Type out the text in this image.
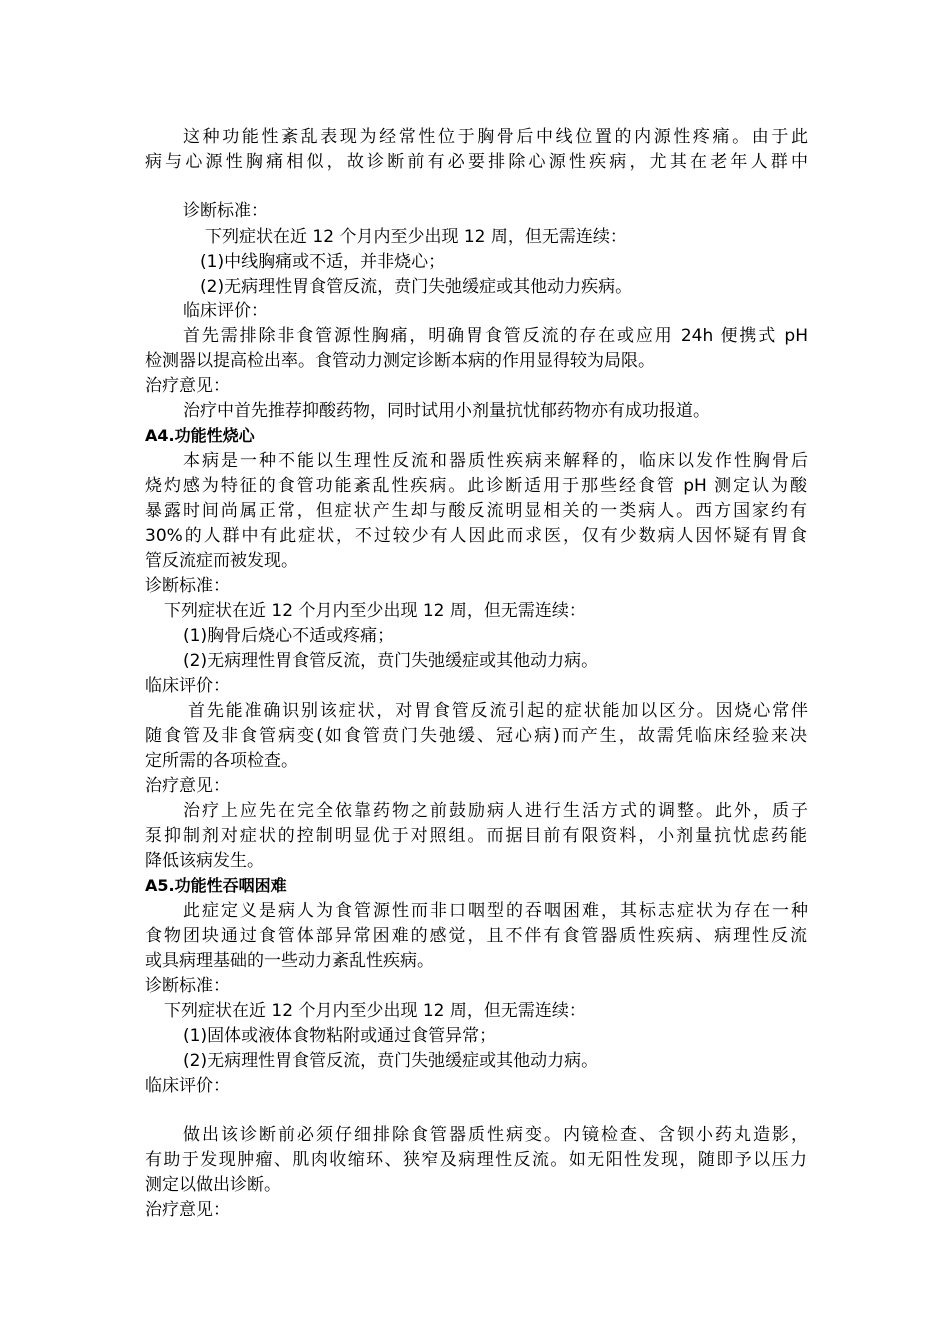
这种功能性紊乱表现为经常性位于胸骨后中线位置的内源性疼痛。由于此
病与心源性胸痛相似，故诊断前有必要排除心源性疾病，尤其在老年人群中
诊断标准：
下列症状在近 12 个月内至少出现 12 周，但无需连续：
(1)中线胸痛或不适，并非烧心；
(2)无病理性胃食管反流，贲门失弛缓症或其他动力疾病。
临床评价：
首先需排除非食管源性胸痛，明确胃食管反流的存在或应用 24h 便携式 pH
检测器以提高检出率。食管动力测定诊断本病的作用显得较为局限。
治疗意见：
治疗中首先推荐抑酸药物，同时试用小剂量抗忧郁药物亦有成功报道。
A4.功能性烧心
本病是一种不能以生理性反流和器质性疾病来解释的，临床以发作性胸骨后
烧灼感为特征的食管功能紊乱性疾病。此诊断适用于那些经食管 pH 测定认为酸
暴露时间尚属正常，但症状产生却与酸反流明显相关的一类病人。西方国家约有
30%的人群中有此症状，不过较少有人因此而求医，仅有少数病人因怀疑有胃食
管反流症而被发现。
诊断标准：
下列症状在近 12 个月内至少出现 12 周，但无需连续：
(1)胸骨后烧心不适或疼痛；
(2)无病理性胃食管反流，贲门失弛缓症或其他动力病。
临床评价：
首先能准确识别该症状，对胃食管反流引起的症状能加以区分。因烧心常伴
随食管及非食管病变(如食管贲门失弛缓、冠心病)而产生，故需凭临床经验来决
定所需的各项检查。
治疗意见：
治疗上应先在完全依靠药物之前鼓励病人进行生活方式的调整。此外，质子
泵抑制剂对症状的控制明显优于对照组。而据目前有限资料，小剂量抗忧虑药能
降低该病发生。
A5.功能性吞咽困难
此症定义是病人为食管源性而非口咽型的吞咽困难，其标志症状为存在一种
食物团块通过食管体部异常困难的感觉，且不伴有食管器质性疾病、病理性反流
或具病理基础的一些动力紊乱性疾病。
诊断标准：
下列症状在近 12 个月内至少出现 12 周，但无需连续：
(1)固体或液体食物粘附或通过食管异常；
(2)无病理性胃食管反流，贲门失弛缓症或其他动力病。
临床评价：
做出该诊断前必须仔细排除食管器质性病变。内镜检查、含钡小药丸造影，
有助于发现肿瘤、肌肉收缩环、狭窄及病理性反流。如无阳性发现，随即予以压力
测定以做出诊断。
治疗意见：
